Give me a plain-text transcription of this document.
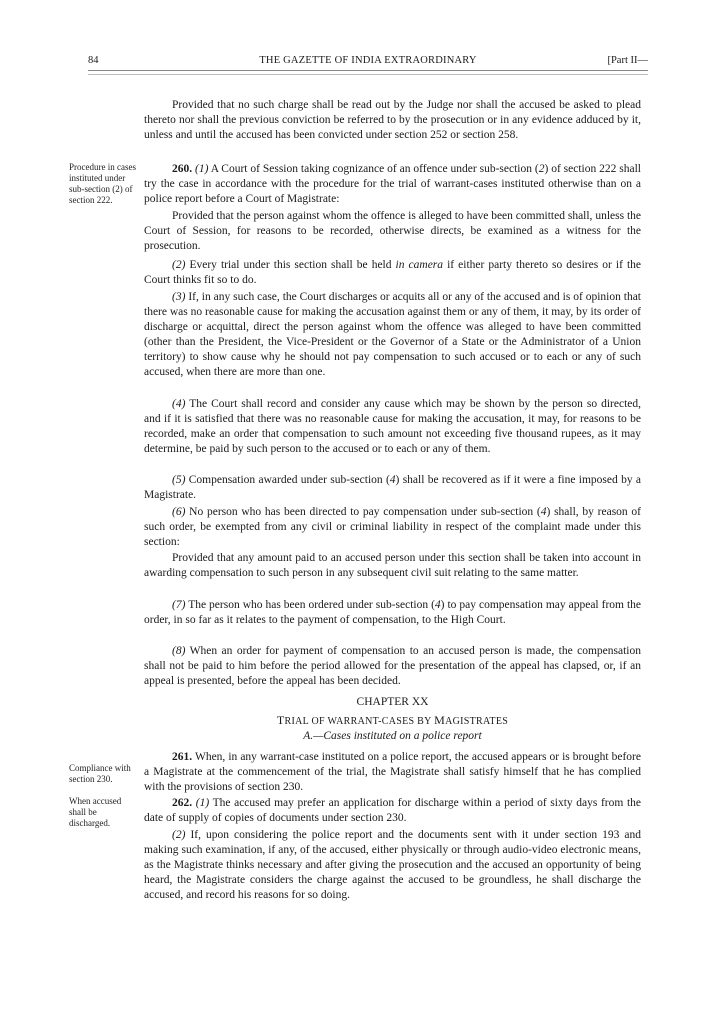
84	THE GAZETTE OF INDIA EXTRAORDINARY	[Part II—
Procedure in cases instituted under sub-section (2) of section 222.
Compliance with section 230.
When accused shall be discharged.

Provided that no such charge shall be read out by the Judge nor shall the accused be asked to plead thereto nor shall the previous conviction be referred to by the prosecution or in any evidence adduced by it, unless and until the accused has been convicted under section 252 or section 258.

260. (1) A Court of Session taking cognizance of an offence under sub-section (2) of section 222 shall try the case in accordance with the procedure for the trial of warrant-cases instituted otherwise than on a police report before a Court of Magistrate:

Provided that the person against whom the offence is alleged to have been committed shall, unless the Court of Session, for reasons to be recorded, otherwise directs, be examined as a witness for the prosecution.

(2) Every trial under this section shall be held in camera if either party thereto so desires or if the Court thinks fit so to do.

(3) If, in any such case, the Court discharges or acquits all or any of the accused and is of opinion that there was no reasonable cause for making the accusation against them or any of them, it may, by its order of discharge or acquittal, direct the person against whom the offence was alleged to have been committed (other than the President, the Vice-President or the Governor of a State or the Administrator of a Union territory) to show cause why he should not pay compensation to such accused or to each or any of such accused, when there are more than one.

(4) The Court shall record and consider any cause which may be shown by the person so directed, and if it is satisfied that there was no reasonable cause for making the accusation, it may, for reasons to be recorded, make an order that compensation to such amount not exceeding five thousand rupees, as it may determine, be paid by such person to the accused or to each or any of them.

(5) Compensation awarded under sub-section (4) shall be recovered as if it were a fine imposed by a Magistrate.

(6) No person who has been directed to pay compensation under sub-section (4) shall, by reason of such order, be exempted from any civil or criminal liability in respect of the complaint made under this section:

Provided that any amount paid to an accused person under this section shall be taken into account in awarding compensation to such person in any subsequent civil suit relating to the same matter.

(7) The person who has been ordered under sub-section (4) to pay compensation may appeal from the order, in so far as it relates to the payment of compensation, to the High Court.

(8) When an order for payment of compensation to an accused person is made, the compensation shall not be paid to him before the period allowed for the presentation of the appeal has clapsed, or, if an appeal is presented, before the appeal has been decided.

CHAPTER XX
TRIAL OF WARRANT-CASES BY MAGISTRATES
A.—Cases instituted on a police report

261. When, in any warrant-case instituted on a police report, the accused appears or is brought before a Magistrate at the commencement of the trial, the Magistrate shall satisfy himself that he has complied with the provisions of section 230.

262. (1) The accused may prefer an application for discharge within a period of sixty days from the date of supply of copies of documents under section 230.

(2) If, upon considering the police report and the documents sent with it under section 193 and making such examination, if any, of the accused, either physically or through audio-video electronic means, as the Magistrate thinks necessary and after giving the prosecution and the accused an opportunity of being heard, the Magistrate considers the charge against the accused to be groundless, he shall discharge the accused, and record his reasons for so doing.
